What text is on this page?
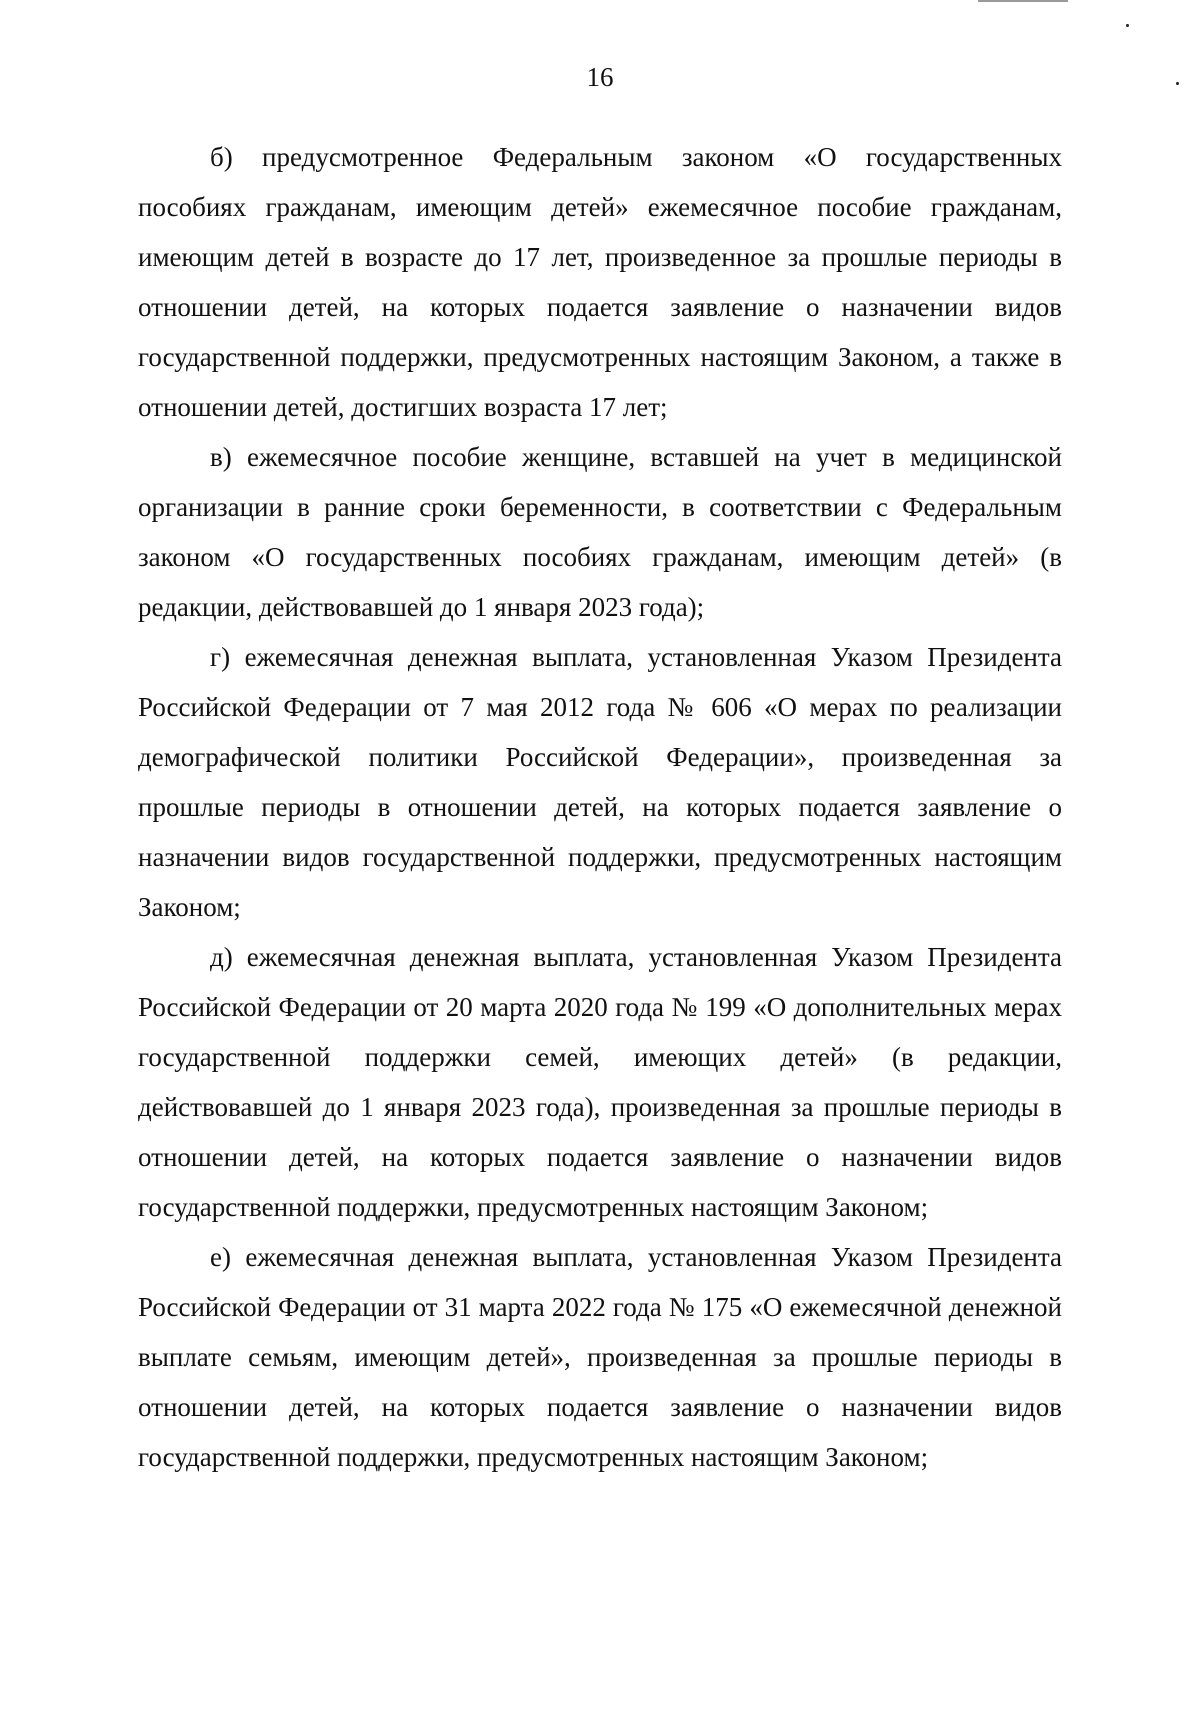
16

б) предусмотренное Федеральным законом «О государственных пособиях гражданам, имеющим детей» ежемесячное пособие гражданам, имеющим детей в возрасте до 17 лет, произведенное за прошлые периоды в отношении детей, на которых подается заявление о назначении видов государственной поддержки, предусмотренных настоящим Законом, а также в отношении детей, достигших возраста 17 лет;

в) ежемесячное пособие женщине, вставшей на учет в медицинской организации в ранние сроки беременности, в соответствии с Федеральным законом «О государственных пособиях гражданам, имеющим детей» (в редакции, действовавшей до 1 января 2023 года);

г) ежемесячная денежная выплата, установленная Указом Президента Российской Федерации от 7 мая 2012 года № 606 «О мерах по реализации демографической политики Российской Федерации», произведенная за прошлые периоды в отношении детей, на которых подается заявление о назначении видов государственной поддержки, предусмотренных настоящим Законом;

д) ежемесячная денежная выплата, установленная Указом Президента Российской Федерации от 20 марта 2020 года № 199 «О дополнительных мерах государственной поддержки семей, имеющих детей» (в редакции, действовавшей до 1 января 2023 года), произведенная за прошлые периоды в отношении детей, на которых подается заявление о назначении видов государственной поддержки, предусмотренных настоящим Законом;

е) ежемесячная денежная выплата, установленная Указом Президента Российской Федерации от 31 марта 2022 года № 175 «О ежемесячной денежной выплате семьям, имеющим детей», произведенная за прошлые периоды в отношении детей, на которых подается заявление о назначении видов государственной поддержки, предусмотренных настоящим Законом;
